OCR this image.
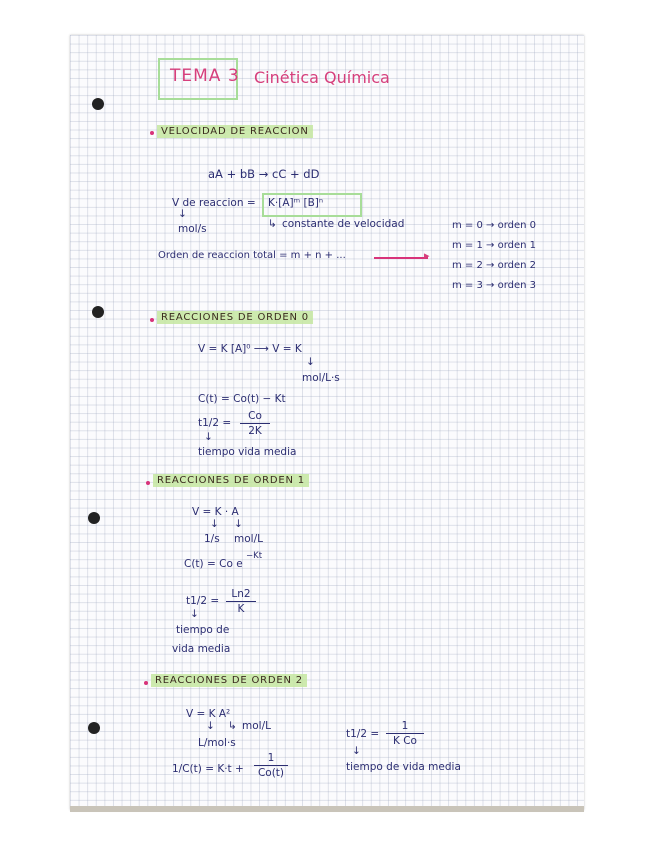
TEMA 3 Cinética Química
VELOCIDAD DE REACCION
aA + bB → cC + dD
V de reaccion = K·[A]ᵐ [B]ⁿ
↓
mol/s	↳ constante de velocidad
Orden de reaccion total = m + n + ...	▸
m = 0 → orden 0
m = 1 → orden 1
m = 2 → orden 2
m = 3 → orden 3
REACCIONES DE ORDEN 0
V = K [A]⁰ ⟶ V = K
↓
mol/L·s
C(t) = Co(t) − Kt
t1/2 =
Co
2K
↓
tiempo vida media
REACCIONES DE ORDEN 1
V = K · A
↓ ↓
1/s mol/L
C(t) = Co e
−Kt
t1/2 =
Ln2
K
↓
tiempo de
vida media
REACCIONES DE ORDEN 2
V = K A²
↓ ↳ mol/L
L/mol·s
1/C(t) = K·t +
1
Co(t)
t1/2 =
1
K Co
↓
tiempo de vida media
